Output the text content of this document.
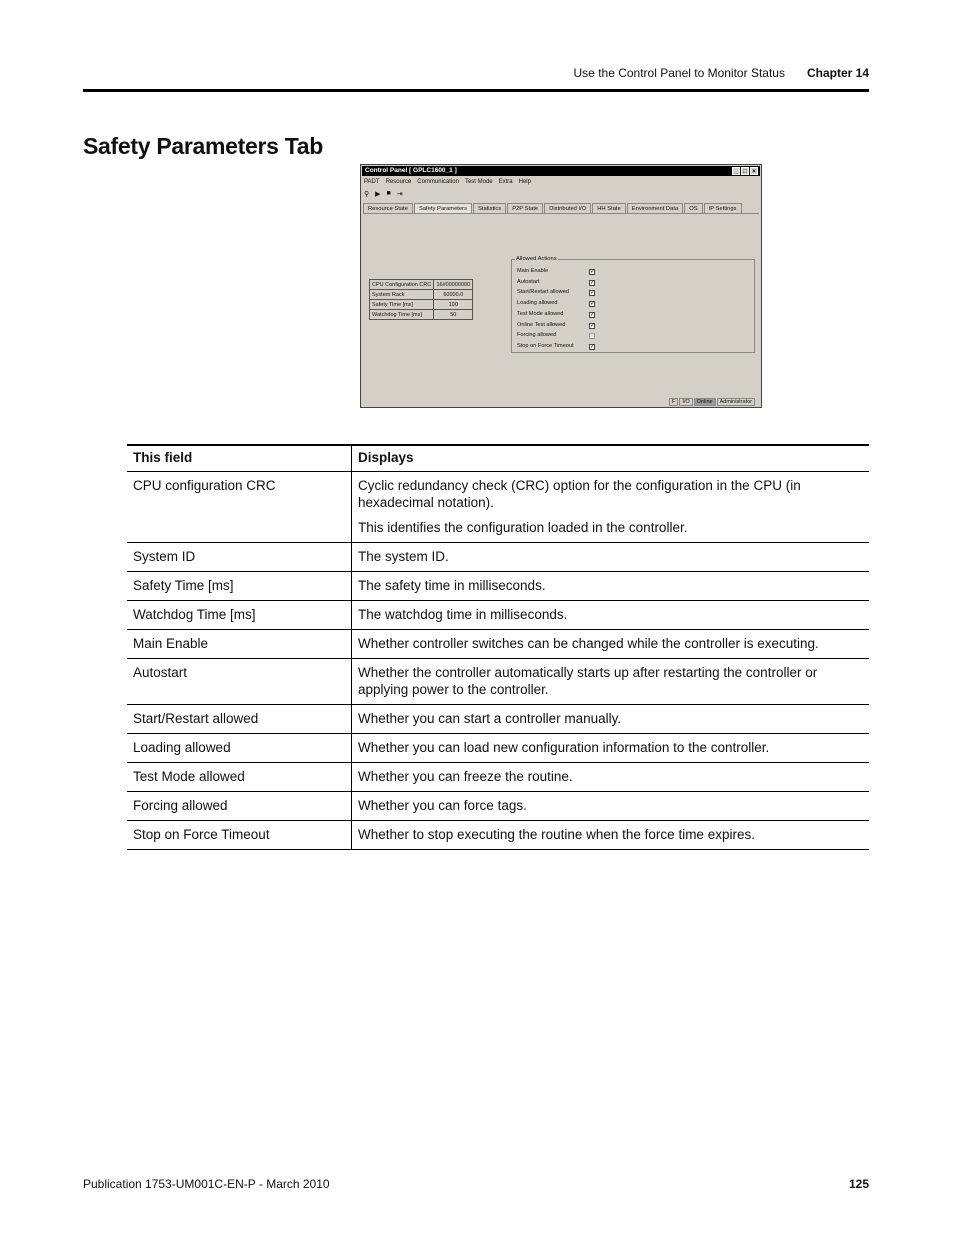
Use the Control Panel to Monitor Status Chapter 14
Safety Parameters Tab
Control Panel [ GPLC1600_1 ]	_ □ ×
PADT Resource Communication Test Mode Extra Help
⚲ ▶ ■ ⇥
Resource State	Safety Parameters	Statistics	P2P State	Distributed I/O	HH State	Environment Data	OS	IP Settings
CPU Configuration CRC	16#00000000
System Rack	60000.0
Safety Time [ms]	100
Watchdog Time [ms]	50
Allowed Actions
Main Enable	✓
Autostart	✓
Start/Restart allowed	✓
Loading allowed	✓
Test Mode allowed	✓
Online Test allowed	✓
Forcing allowed
Stop on Force Timeout	✓
F	I/O	Online	Administrator
This field	Displays
CPU configuration CRC	Cyclic redundancy check (CRC) option for the configuration in the CPU (in hexadecimal notation).

This identifies the configuration loaded in the controller.

System ID	The system ID.

Safety Time [ms]	The safety time in milliseconds.

Watchdog Time [ms]	The watchdog time in milliseconds.

Main Enable	Whether controller switches can be changed while the controller is executing.

Autostart	Whether the controller automatically starts up after restarting the controller or applying power to the controller.

Start/Restart allowed	Whether you can start a controller manually.

Loading allowed	Whether you can load new configuration information to the controller.

Test Mode allowed	Whether you can freeze the routine.

Forcing allowed	Whether you can force tags.

Stop on Force Timeout	Whether to stop executing the routine when the force time expires.

Publication 1753-UM001C-EN-P - March 2010	125
